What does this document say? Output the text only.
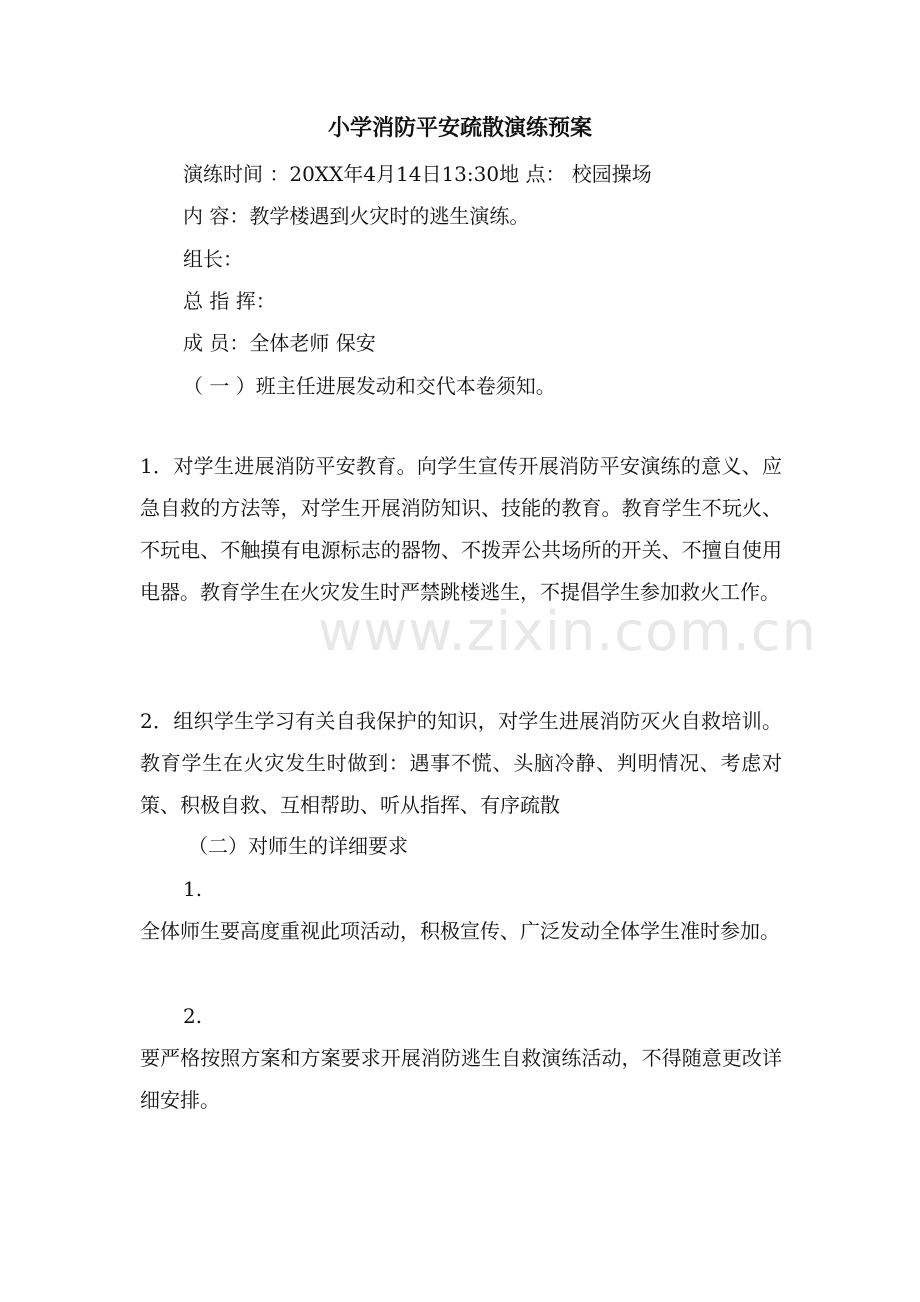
小学消防平安疏散演练预案
演练时间 ：20XX年4月14日13:30地 点： 校园操场
内 容：教学楼遇到火灾时的逃生演练。
组长：
总 指 挥：
成 员：全体老师 保安
（ 一 ）班主任进展发动和交代本卷须知。
1．对学生进展消防平安教育。向学生宣传开展消防平安演练的意义、应急自救的方法等，对学生开展消防知识、技能的教育。教育学生不玩火、不玩电、不触摸有电源标志的器物、不拨弄公共场所的开关、不擅自使用电器。教育学生在火灾发生时严禁跳楼逃生，不提倡学生参加救火工作。
2．组织学生学习有关自我保护的知识，对学生进展消防灭火自救培训。教育学生在火灾发生时做到：遇事不慌、头脑冷静、判明情况、考虑对策、积极自救、互相帮助、听从指挥、有序疏散
（二）对师生的详细要求
1.
全体师生要高度重视此项活动，积极宣传、广泛发动全体学生准时参加。
2.
要严格按照方案和方案要求开展消防逃生自救演练活动，不得随意更改详细安排。
www.zixin.com.cn
